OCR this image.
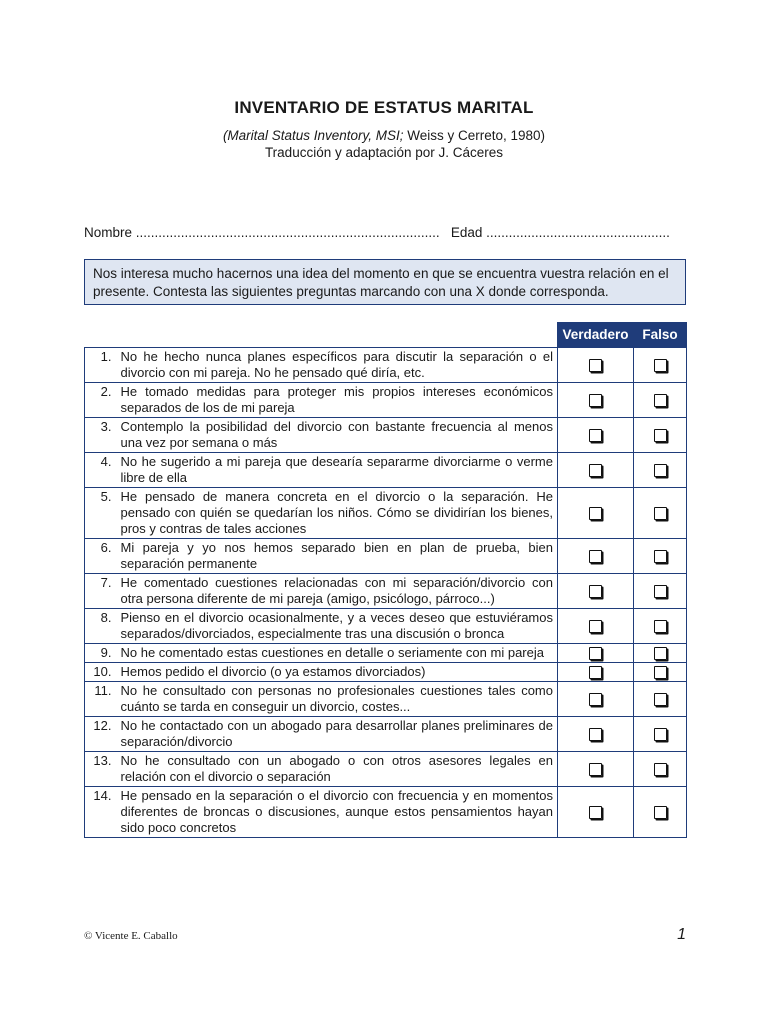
INVENTARIO DE ESTATUS MARITAL
(Marital Status Inventory, MSI; Weiss y Cerreto, 1980)
Traducción y adaptación por J. Cáceres
Nombre ................................................................................. Edad .................................................
Nos interesa mucho hacernos una idea del momento en que se encuentra vuestra relación en el presente. Contesta las siguientes preguntas marcando con una X donde corresponda.
		Verdadero	Falso
1.	No he hecho nunca planes específicos para discutir la separación o el divorcio con mi pareja. No he pensado qué diría, etc.		
2.	He tomado medidas para proteger mis propios intereses económicos separados de los de mi pareja		
3.	Contemplo la posibilidad del divorcio con bastante frecuencia al menos una vez por semana o más		
4.	No he sugerido a mi pareja que desearía separarme divorciarme o verme libre de ella		
5.	He pensado de manera concreta en el divorcio o la separación. He pensado con quién se quedarían los niños. Cómo se dividirían los bienes, pros y contras de tales acciones		
6.	Mi pareja y yo nos hemos separado bien en plan de prueba, bien separación permanente		
7.	He comentado cuestiones relacionadas con mi separación/divorcio con otra persona diferente de mi pareja (amigo, psicólogo, párroco...)		
8.	Pienso en el divorcio ocasionalmente, y a veces deseo que estuviéramos separados/divorciados, especialmente tras una discusión o bronca		
9.	No he comentado estas cuestiones en detalle o seriamente con mi pareja		
10.	Hemos pedido el divorcio (o ya estamos divorciados)		
11.	No he consultado con personas no profesionales cuestiones tales como cuánto se tarda en conseguir un divorcio, costes...		
12.	No he contactado con un abogado para desarrollar planes preliminares de separación/divorcio		
13.	No he consultado con un abogado o con otros asesores legales en relación con el divorcio o separación		
14.	He pensado en la separación o el divorcio con frecuencia y en momentos diferentes de broncas o discusiones, aunque estos pensamientos hayan sido poco concretos		
© Vicente E. Caballo	1
